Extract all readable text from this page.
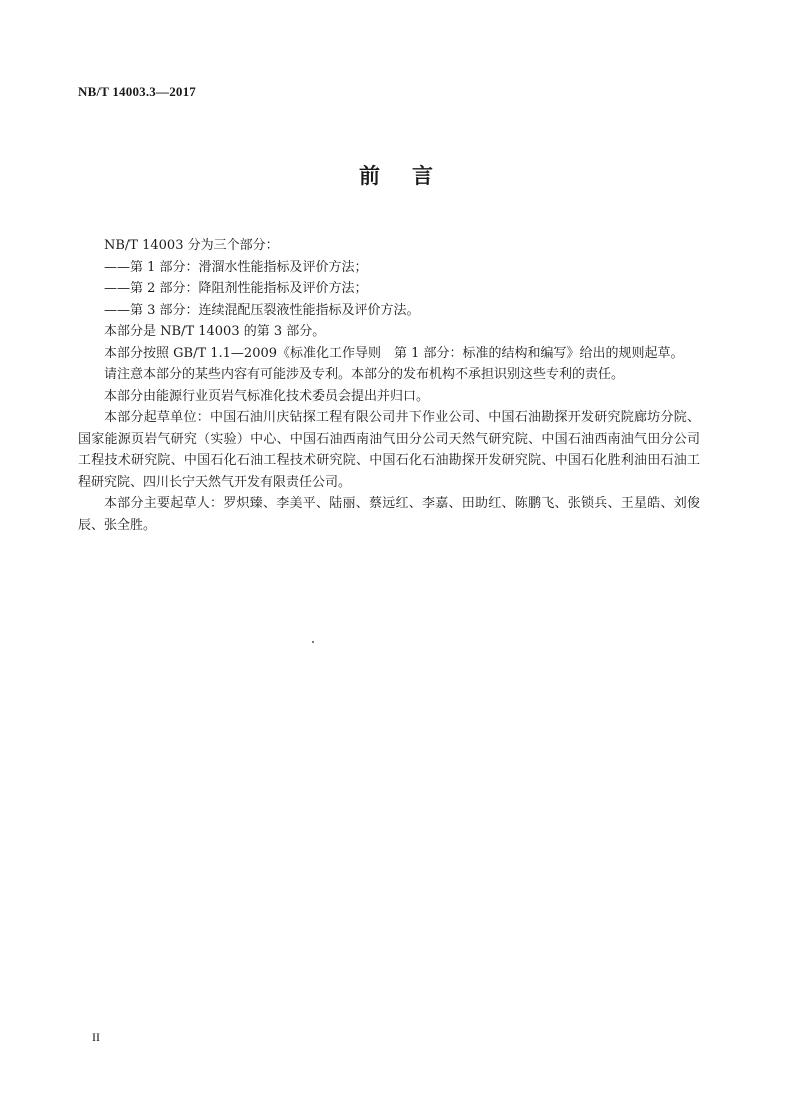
NB/T 14003.3—2017
前言

NB/T 14003 分为三个部分：

——第 1 部分：滑溜水性能指标及评价方法；

——第 2 部分：降阻剂性能指标及评价方法；

——第 3 部分：连续混配压裂液性能指标及评价方法。

本部分是 NB/T 14003 的第 3 部分。

本部分按照 GB/T 1.1—2009《标准化工作导则　第 1 部分：标准的结构和编写》给出的规则起草。

请注意本部分的某些内容有可能涉及专利。本部分的发布机构不承担识别这些专利的责任。

本部分由能源行业页岩气标准化技术委员会提出并归口。

本部分起草单位：中国石油川庆钻探工程有限公司井下作业公司、中国石油勘探开发研究院廊坊分院、国家能源页岩气研究（实验）中心、中国石油西南油气田分公司天然气研究院、中国石油西南油气田分公司工程技术研究院、中国石化石油工程技术研究院、中国石化石油勘探开发研究院、中国石化胜利油田石油工程研究院、四川长宁天然气开发有限责任公司。

本部分主要起草人：罗炽臻、李美平、陆丽、蔡远红、李嘉、田助红、陈鹏飞、张锁兵、王星皓、刘俊辰、张全胜。

II
